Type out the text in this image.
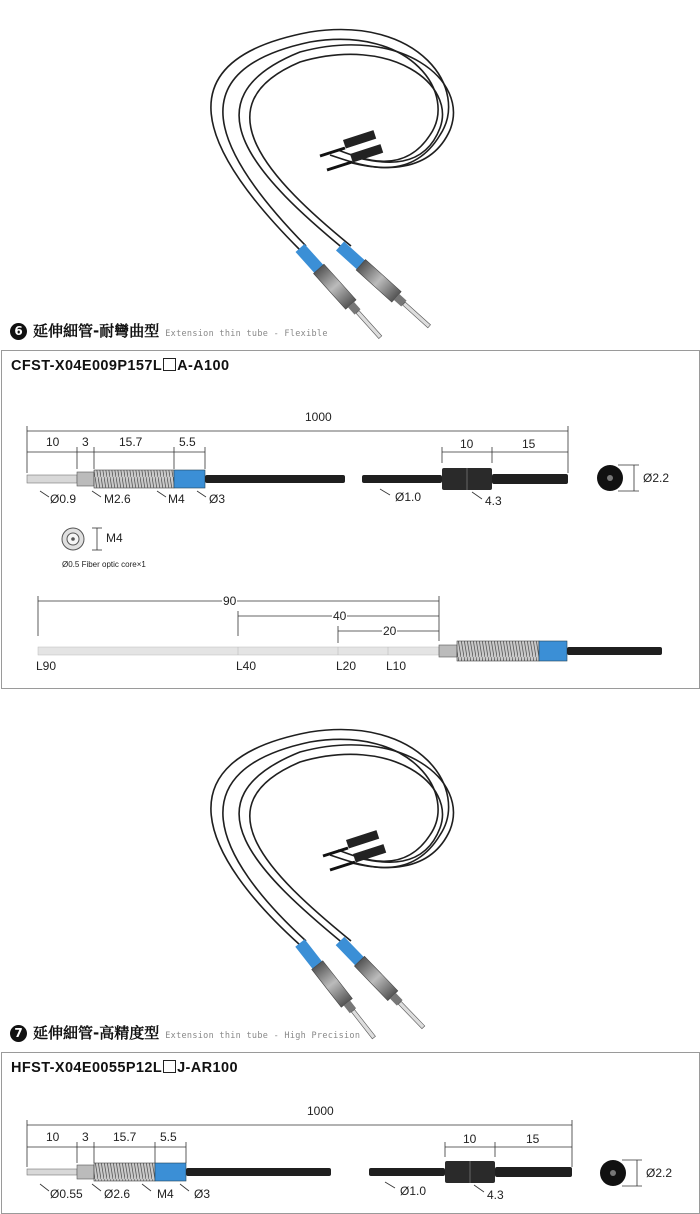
6 延伸細管-耐彎曲型 Extension thin tube - Flexible
CFST-X04E009P157L A-A100
1000
10 3	15.7	5.5	10	15
Ø0.9 M2.6	M4 Ø3	Ø1.0	4.3
Ø2.2
M4
Ø0.5 Fiber optic core×1
90
40
20
L90	L40	L20 L10
7 延伸細管-高精度型 Extension thin tube - High Precision
HFST-X04E0055P12L J-AR100
1000
10 3 15.7 5.5	10	15
Ø0.55 Ø2.6 M4 Ø3	Ø1.0	4.3
Ø2.2
